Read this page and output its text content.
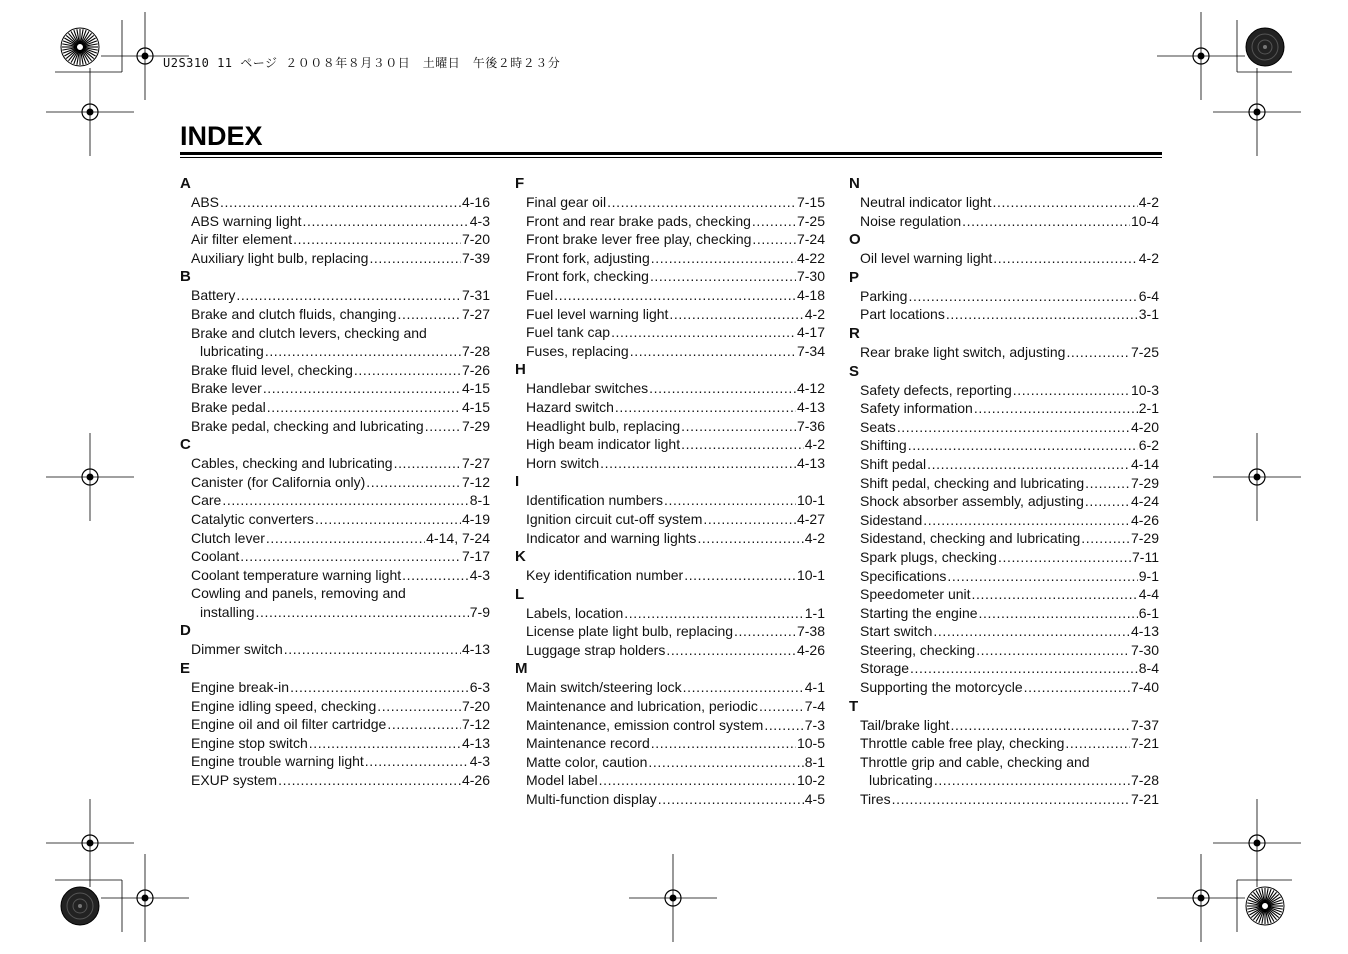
U2S310 11 ページ ２００８年８月３０日　土曜日　午後２時２３分
INDEX
A
ABS .....	4-16
ABS warning light .....	4-3
Air filter element .....	7-20
Auxiliary light bulb, replacing .....	7-39
B
Battery .....	7-31
Brake and clutch fluids, changing .....	7-27
Brake and clutch levers, checking and
lubricating .....	7-28
Brake fluid level, checking .....	7-26
Brake lever .....	4-15
Brake pedal .....	4-15
Brake pedal, checking and lubricating .....	7-29
C
Cables, checking and lubricating .....	7-27
Canister (for California only) .....	7-12
Care .....	8-1
Catalytic converters .....	4-19
Clutch lever .....	4-14, 7-24
Coolant .....	7-17
Coolant temperature warning light .....	4-3
Cowling and panels, removing and
installing .....	7-9
D
Dimmer switch .....	4-13
E
Engine break-in .....	6-3
Engine idling speed, checking .....	7-20
Engine oil and oil filter cartridge .....	7-12
Engine stop switch .....	4-13
Engine trouble warning light .....	4-3
EXUP system .....	4-26
F
Final gear oil .....	7-15
Front and rear brake pads, checking .....	7-25
Front brake lever free play, checking .....	7-24
Front fork, adjusting .....	4-22
Front fork, checking .....	7-30
Fuel .....	4-18
Fuel level warning light .....	4-2
Fuel tank cap .....	4-17
Fuses, replacing .....	7-34
H
Handlebar switches .....	4-12
Hazard switch .....	4-13
Headlight bulb, replacing .....	7-36
High beam indicator light .....	4-2
Horn switch .....	4-13
I
Identification numbers .....	10-1
Ignition circuit cut-off system .....	4-27
Indicator and warning lights .....	4-2
K
Key identification number .....	10-1
L
Labels, location .....	1-1
License plate light bulb, replacing .....	7-38
Luggage strap holders .....	4-26
M
Main switch/steering lock .....	4-1
Maintenance and lubrication, periodic .....	7-4
Maintenance, emission control system .....	7-3
Maintenance record .....	10-5
Matte color, caution .....	8-1
Model label .....	10-2
Multi-function display .....	4-5
N
Neutral indicator light .....	4-2
Noise regulation .....	10-4
O
Oil level warning light .....	4-2
P
Parking .....	6-4
Part locations .....	3-1
R
Rear brake light switch, adjusting .....	7-25
S
Safety defects, reporting .....	10-3
Safety information .....	2-1
Seats .....	4-20
Shifting .....	6-2
Shift pedal .....	4-14
Shift pedal, checking and lubricating .....	7-29
Shock absorber assembly, adjusting .....	4-24
Sidestand .....	4-26
Sidestand, checking and lubricating .....	7-29
Spark plugs, checking .....	7-11
Specifications .....	9-1
Speedometer unit .....	4-4
Starting the engine .....	6-1
Start switch .....	4-13
Steering, checking .....	7-30
Storage .....	8-4
Supporting the motorcycle .....	7-40
T
Tail/brake light .....	7-37
Throttle cable free play, checking .....	7-21
Throttle grip and cable, checking and
lubricating .....	7-28
Tires .....	7-21
